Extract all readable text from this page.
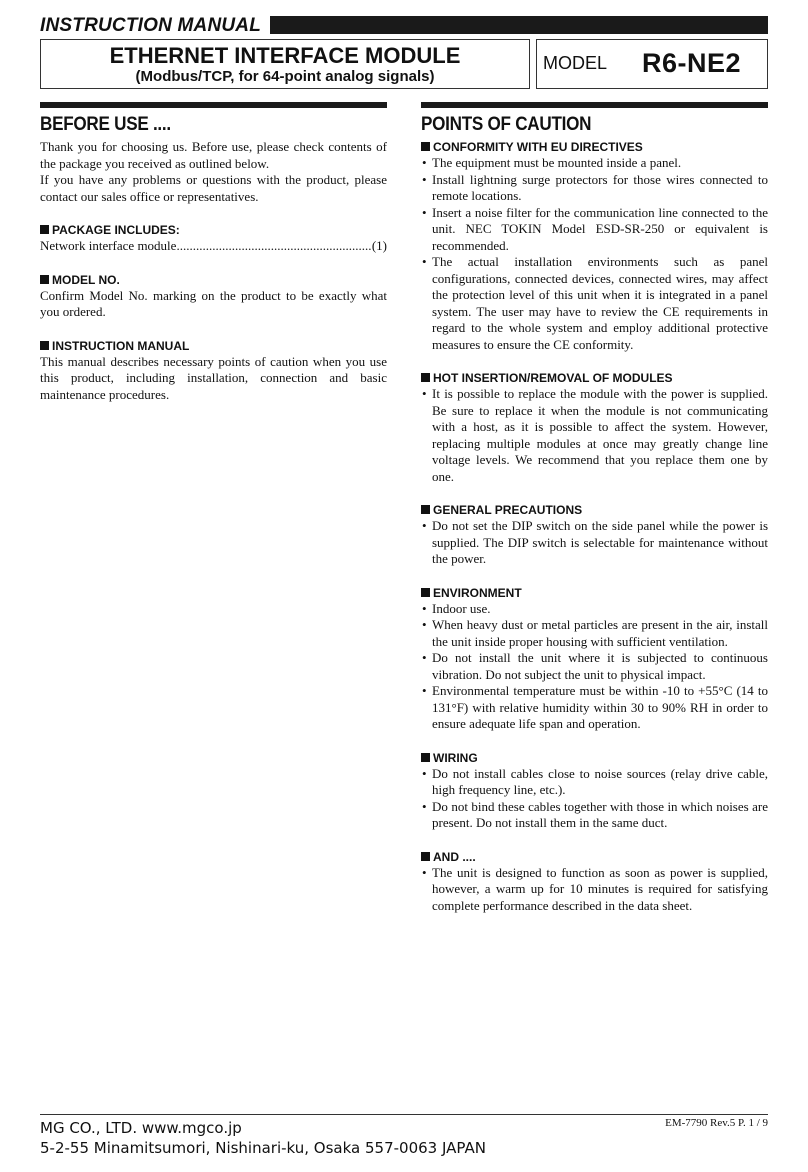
INSTRUCTION MANUAL
ETHERNET INTERFACE MODULE
(Modbus/TCP, for 64-point analog signals)
MODEL R6-NE2
BEFORE USE ....

Thank you for choosing us. Before use, please check contents of the package you received as outlined below.

If you have any problems or questions with the product, please contact our sales office or representatives.

PACKAGE INCLUDES:
Network interface module
.....	(1)
MODEL NO.

Confirm Model No. marking on the product to be exactly what you ordered.

INSTRUCTION MANUAL

This manual describes necessary points of caution when you use this product, including installation, connection and basic maintenance procedures.

POINTS OF CAUTION
CONFORMITY WITH EU DIRECTIVES
• The equipment must be mounted inside a panel.
• Install lightning surge protectors for those wires connected to remote locations.
• Insert a noise filter for the communication line connected to the unit. NEC TOKIN Model ESD-SR-250 or equivalent is recommended.
• The actual installation environments such as panel configurations, connected devices, connected wires, may affect the protection level of this unit when it is integrated in a panel system. The user may have to review the CE requirements in regard to the whole system and employ additional protective measures to ensure the CE conformity.
HOT INSERTION/REMOVAL OF MODULES
• It is possible to replace the module with the power is supplied. Be sure to replace it when the module is not communicating with a host, as it is possible to affect the system. However, replacing multiple modules at once may greatly change line voltage levels. We recommend that you replace them one by one.
GENERAL PRECAUTIONS
• Do not set the DIP switch on the side panel while the power is supplied. The DIP switch is selectable for maintenance without the power.
ENVIRONMENT
• Indoor use.
• When heavy dust or metal particles are present in the air, install the unit inside proper housing with sufficient ventilation.
• Do not install the unit where it is subjected to continuous vibration. Do not subject the unit to physical impact.
• Environmental temperature must be within -10 to +55°C (14 to 131°F) with relative humidity within 30 to 90% RH in order to ensure adequate life span and operation.
WIRING
• Do not install cables close to noise sources (relay drive cable, high frequency line, etc.).
• Do not bind these cables together with those in which noises are present. Do not install them in the same duct.
AND ....
• The unit is designed to function as soon as power is supplied, however, a warm up for 10 minutes is required for satisfying complete performance described in the data sheet.
MG CO., LTD. www.mgco.jp
5-2-55 Minamitsumori, Nishinari-ku, Osaka 557-0063 JAPAN
EM-7790 Rev.5 P. 1 / 9
